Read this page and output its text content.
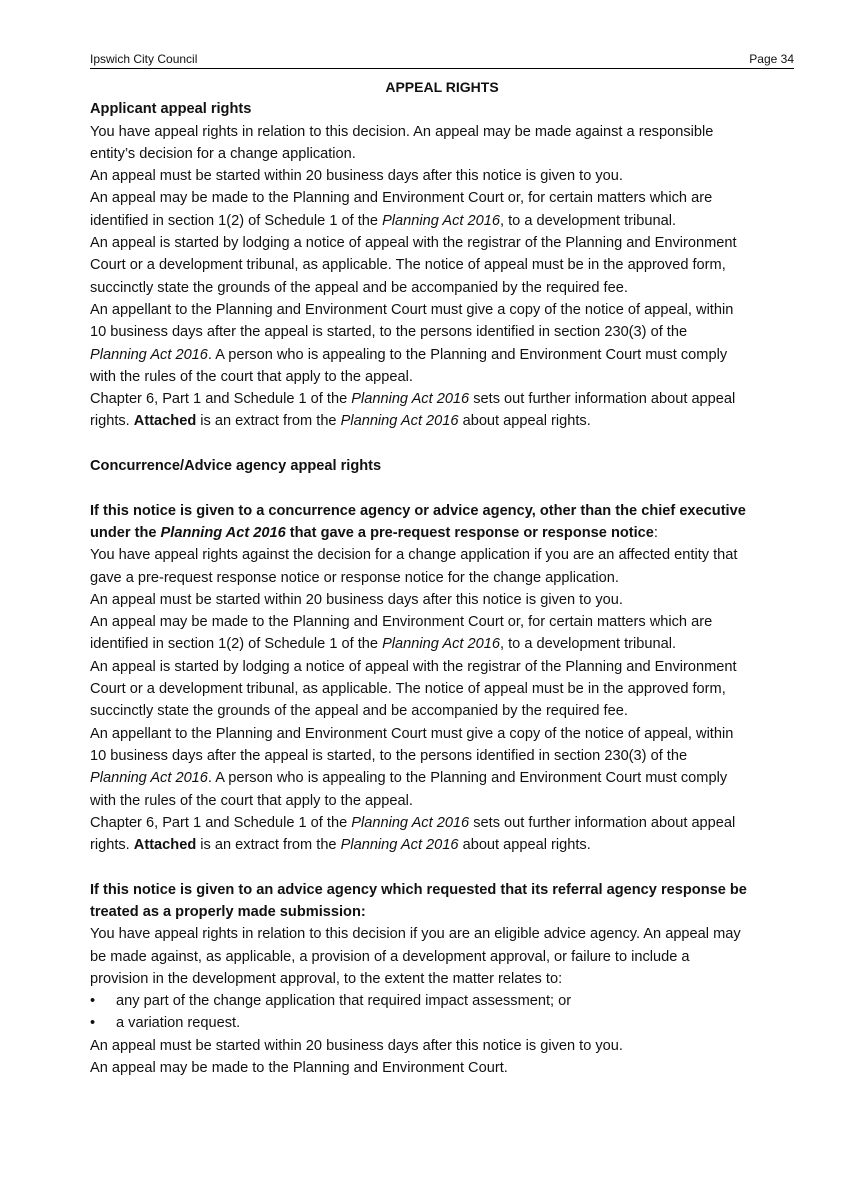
Ipswich City Council	Page 34

APPEAL RIGHTS

Applicant appeal rights

You have appeal rights in relation to this decision. An appeal may be made against a responsible

entity’s decision for a change application.

An appeal must be started within 20 business days after this notice is given to you.

An appeal may be made to the Planning and Environment Court or, for certain matters which are

identified in section 1(2) of Schedule 1 of the Planning Act 2016, to a development tribunal.

An appeal is started by lodging a notice of appeal with the registrar of the Planning and Environment

Court or a development tribunal, as applicable. The notice of appeal must be in the approved form,

succinctly state the grounds of the appeal and be accompanied by the required fee.

An appellant to the Planning and Environment Court must give a copy of the notice of appeal, within

10 business days after the appeal is started, to the persons identified in section 230(3) of the

Planning Act 2016. A person who is appealing to the Planning and Environment Court must comply

with the rules of the court that apply to the appeal.

Chapter 6, Part 1 and Schedule 1 of the Planning Act 2016 sets out further information about appeal

rights. Attached is an extract from the Planning Act 2016 about appeal rights.

Concurrence/Advice agency appeal rights

If this notice is given to a concurrence agency or advice agency, other than the chief executive

under the Planning Act 2016 that gave a pre-request response or response notice:

You have appeal rights against the decision for a change application if you are an affected entity that

gave a pre-request response notice or response notice for the change application.

An appeal must be started within 20 business days after this notice is given to you.

An appeal may be made to the Planning and Environment Court or, for certain matters which are

identified in section 1(2) of Schedule 1 of the Planning Act 2016, to a development tribunal.

An appeal is started by lodging a notice of appeal with the registrar of the Planning and Environment

Court or a development tribunal, as applicable. The notice of appeal must be in the approved form,

succinctly state the grounds of the appeal and be accompanied by the required fee.

An appellant to the Planning and Environment Court must give a copy of the notice of appeal, within

10 business days after the appeal is started, to the persons identified in section 230(3) of the

Planning Act 2016. A person who is appealing to the Planning and Environment Court must comply

with the rules of the court that apply to the appeal.

Chapter 6, Part 1 and Schedule 1 of the Planning Act 2016 sets out further information about appeal

rights. Attached is an extract from the Planning Act 2016 about appeal rights.

If this notice is given to an advice agency which requested that its referral agency response be

treated as a properly made submission:

You have appeal rights in relation to this decision if you are an eligible advice agency. An appeal may

be made against, as applicable, a provision of a development approval, or failure to include a

provision in the development approval, to the extent the matter relates to:

•	any part of the change application that required impact assessment; or

•	a variation request.

An appeal must be started within 20 business days after this notice is given to you.

An appeal may be made to the Planning and Environment Court.
